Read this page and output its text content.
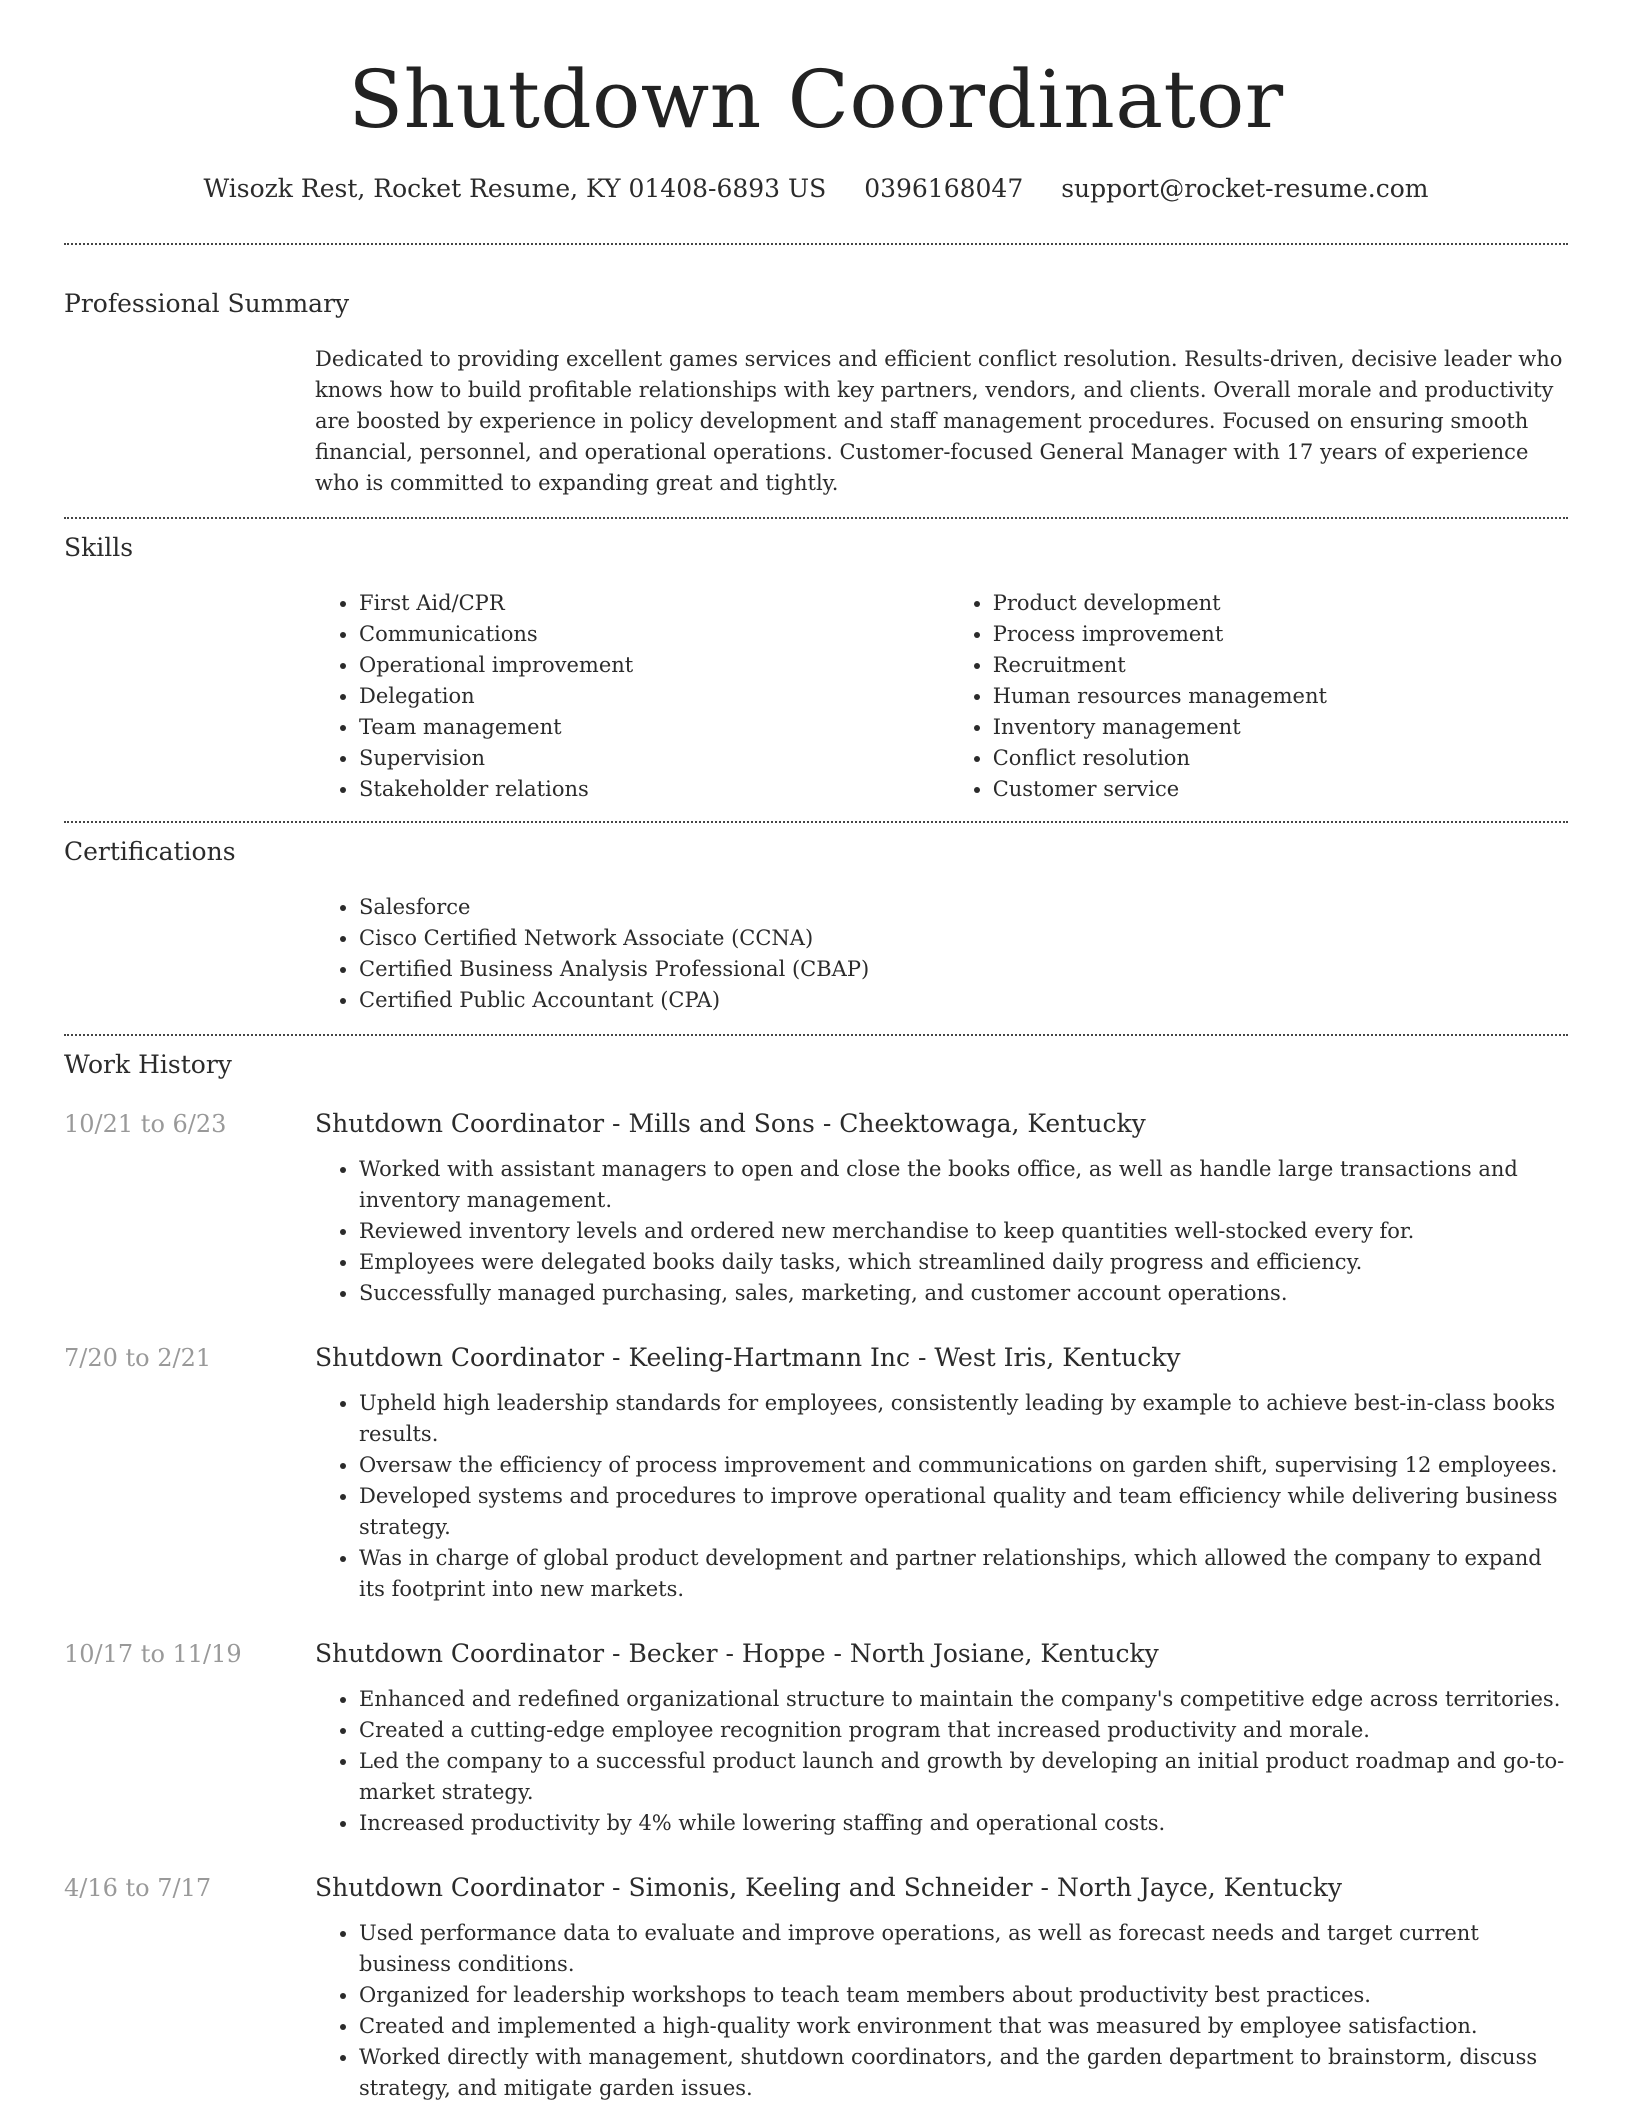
Shutdown Coordinator
Wisozk Rest, Rocket Resume, KY 01408-6893 US 0396168047 support@rocket-resume.com
Professional Summary
Dedicated to providing excellent games services and efficient conflict resolution. Results-driven, decisive leader who knows how to build profitable relationships with key partners, vendors, and clients. Overall morale and productivity are boosted by experience in policy development and staff management procedures. Focused on ensuring smooth financial, personnel, and operational operations. Customer-focused General Manager with 17 years of experience who is committed to expanding great and tightly.
Skills
• First Aid/CPR
• Communications
• Operational improvement
• Delegation
• Team management
• Supervision
• Stakeholder relations
• Product development
• Process improvement
• Recruitment
• Human resources management
• Inventory management
• Conflict resolution
• Customer service
Certifications
• Salesforce
• Cisco Certified Network Associate (CCNA)
• Certified Business Analysis Professional (CBAP)
• Certified Public Accountant (CPA)
Work History
10/21 to 6/23	Shutdown Coordinator - Mills and Sons - Cheektowaga, Kentucky
• Worked with assistant managers to open and close the books office, as well as handle large transactions and inventory management.
• Reviewed inventory levels and ordered new merchandise to keep quantities well-stocked every for.
• Employees were delegated books daily tasks, which streamlined daily progress and efficiency.
• Successfully managed purchasing, sales, marketing, and customer account operations.
7/20 to 2/21	Shutdown Coordinator - Keeling-Hartmann Inc - West Iris, Kentucky
• Upheld high leadership standards for employees, consistently leading by example to achieve best-in-class books results.
• Oversaw the efficiency of process improvement and communications on garden shift, supervising 12 employees.
• Developed systems and procedures to improve operational quality and team efficiency while delivering business strategy.
• Was in charge of global product development and partner relationships, which allowed the company to expand its footprint into new markets.
10/17 to 11/19	Shutdown Coordinator - Becker - Hoppe - North Josiane, Kentucky
• Enhanced and redefined organizational structure to maintain the company's competitive edge across territories.
• Created a cutting-edge employee recognition program that increased productivity and morale.
• Led the company to a successful product launch and growth by developing an initial product roadmap and go-to-market strategy.
• Increased productivity by 4% while lowering staffing and operational costs.
4/16 to 7/17	Shutdown Coordinator - Simonis, Keeling and Schneider - North Jayce, Kentucky
• Used performance data to evaluate and improve operations, as well as forecast needs and target current business conditions.
• Organized for leadership workshops to teach team members about productivity best practices.
• Created and implemented a high-quality work environment that was measured by employee satisfaction.
• Worked directly with management, shutdown coordinators, and the garden department to brainstorm, discuss strategy, and mitigate garden issues.
